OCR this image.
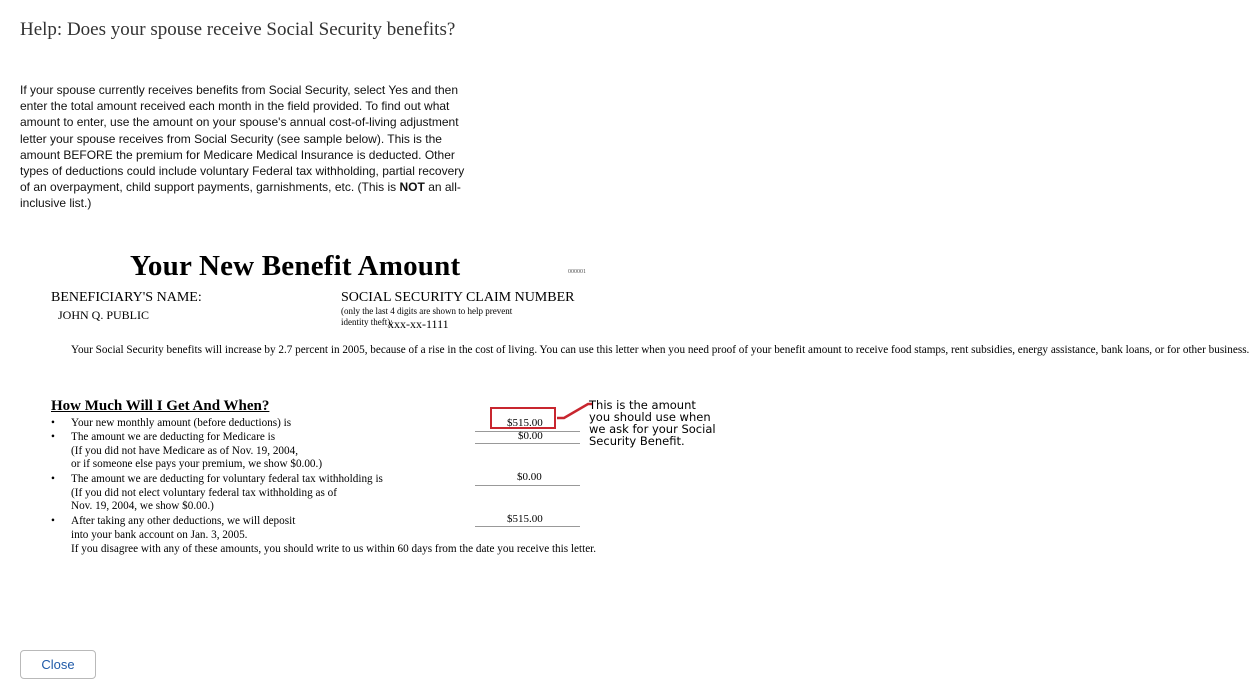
Help: Does your spouse receive Social Security benefits?

If your spouse currently receives benefits from Social Security, select Yes and then enter the total amount received each month in the field provided. To find out what amount to enter, use the amount on your spouse's annual cost-of-living adjustment letter your spouse receives from Social Security (see sample below). This is the amount BEFORE the premium for Medicare Medical Insurance is deducted. Other types of deductions could include voluntary Federal tax withholding, partial recovery of an overpayment, child support payments, garnishments, etc. (This is NOT an all-inclusive list.)

Your New Benefit Amount	000001
BENEFICIARY'S NAME:
JOHN Q. PUBLIC
SOCIAL SECURITY CLAIM NUMBER
(only the last 4 digits are shown to help prevent
identity theft):
xxx-xx-1111
Your Social Security benefits will increase by 2.7 percent in 2005, because of a rise in the cost of living. You can use this letter when you need proof of your benefit amount to receive food stamps, rent subsidies, energy assistance, bank loans, or for other business.
How Much Will I Get And When?
• Your new monthly amount (before deductions) is	$515.00
• The amount we are deducting for Medicare is
(If you did not have Medicare as of Nov. 19, 2004,
or if someone else pays your premium, we show $0.00.)
$0.00
• The amount we are deducting for voluntary federal tax withholding is
(If you did not elect voluntary federal tax withholding as of
Nov. 19, 2004, we show $0.00.)
$0.00
• After taking any other deductions, we will deposit
into your bank account on Jan. 3, 2005.
$515.00
If you disagree with any of these amounts, you should write to us within 60 days from the date you receive this letter.
This is the amount you should use when we ask for your Social Security Benefit.
Close
